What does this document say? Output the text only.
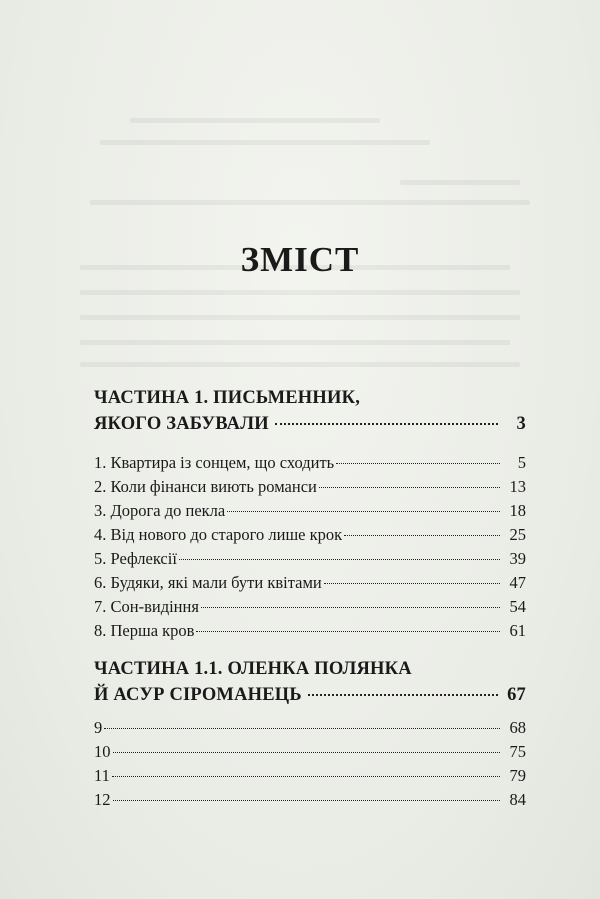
ЗМІСТ
ЧАСТИНА 1. ПИСЬМЕННИК,
ЯКОГО ЗАБУВАЛИ	3
1. Квартира із сонцем, що сходить	5
2. Коли фінанси виють романси	13
3. Дорога до пекла	18
4. Від нового до старого лише крок	25
5. Рефлексії	39
6. Будяки, які мали бути квітами	47
7. Сон-видіння	54
8. Перша кров	61
ЧАСТИНА 1.1. ОЛЕНКА ПОЛЯНКА
Й АСУР СІРОМАНЕЦЬ	67
9	68
10	75
11	79
12	84
